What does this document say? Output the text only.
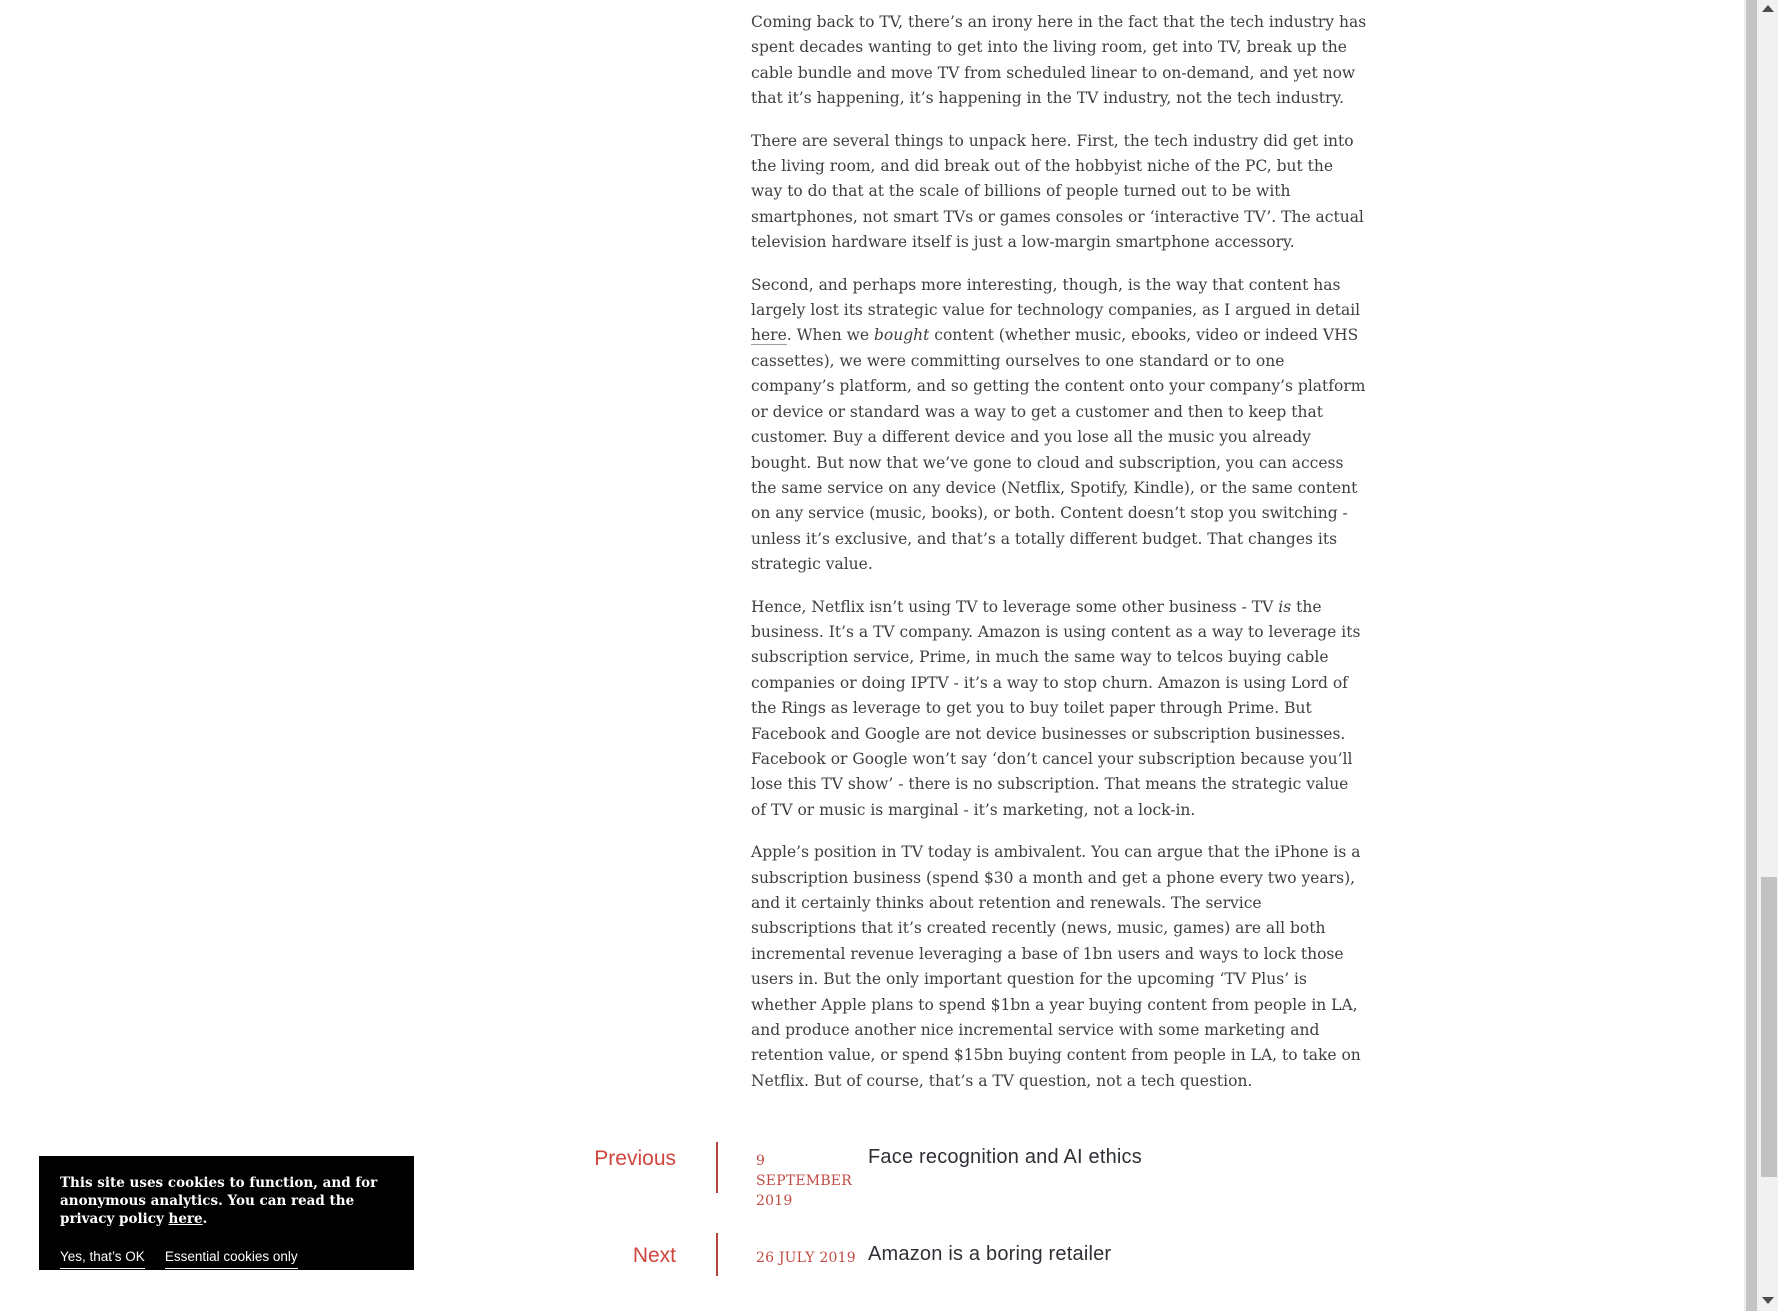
Coming back to TV, there’s an irony here in the fact that the tech industry has spent decades wanting to get into the living room, get into TV, break up the cable bundle and move TV from scheduled linear to on-demand, and yet now that it’s happening, it’s happening in the TV industry, not the tech industry.

There are several things to unpack here. First, the tech industry did get into the living room, and did break out of the hobbyist niche of the PC, but the way to do that at the scale of billions of people turned out to be with smartphones, not smart TVs or games consoles or ‘interactive TV’. The actual television hardware itself is just a low-margin smartphone accessory.

Second, and perhaps more interesting, though, is the way that content has largely lost its strategic value for technology companies, as I argued in detail here. When we bought content (whether music, ebooks, video or indeed VHS cassettes), we were committing ourselves to one standard or to one company’s platform, and so getting the content onto your company’s platform or device or standard was a way to get a customer and then to keep that customer. Buy a different device and you lose all the music you already bought. But now that we’ve gone to cloud and subscription, you can access the same service on any device (Netflix, Spotify, Kindle), or the same content on any service (music, books), or both. Content doesn’t stop you switching - unless it’s exclusive, and that’s a totally different budget. That changes its strategic value.

Hence, Netflix isn’t using TV to leverage some other business - TV is the business. It’s a TV company. Amazon is using content as a way to leverage its subscription service, Prime, in much the same way to telcos buying cable companies or doing IPTV - it’s a way to stop churn. Amazon is using Lord of the Rings as leverage to get you to buy toilet paper through Prime. But Facebook and Google are not device businesses or subscription businesses. Facebook or Google won’t say ‘don’t cancel your subscription because you’ll lose this TV show’ - there is no subscription. That means the strategic value of TV or music is marginal - it’s marketing, not a lock-in.

Apple’s position in TV today is ambivalent. You can argue that the iPhone is a subscription business (spend $30 a month and get a phone every two years), and it certainly thinks about retention and renewals. The service subscriptions that it’s created recently (news, music, games) are all both incremental revenue leveraging a base of 1bn users and ways to lock those users in. But the only important question for the upcoming ‘TV Plus’ is whether Apple plans to spend $1bn a year buying content from people in LA, and produce another nice incremental service with some marketing and retention value, or spend $15bn buying content from people in LA, to take on Netflix. But of course, that’s a TV question, not a tech question.

Previous	9 SEPTEMBER 2019
Face recognition and AI ethics
Next	26 JULY 2019 Amazon is a boring retailer

This site uses cookies to function, and for anonymous analytics. You can read the privacy policy here.

Yes, that’s OK Essential cookies only
